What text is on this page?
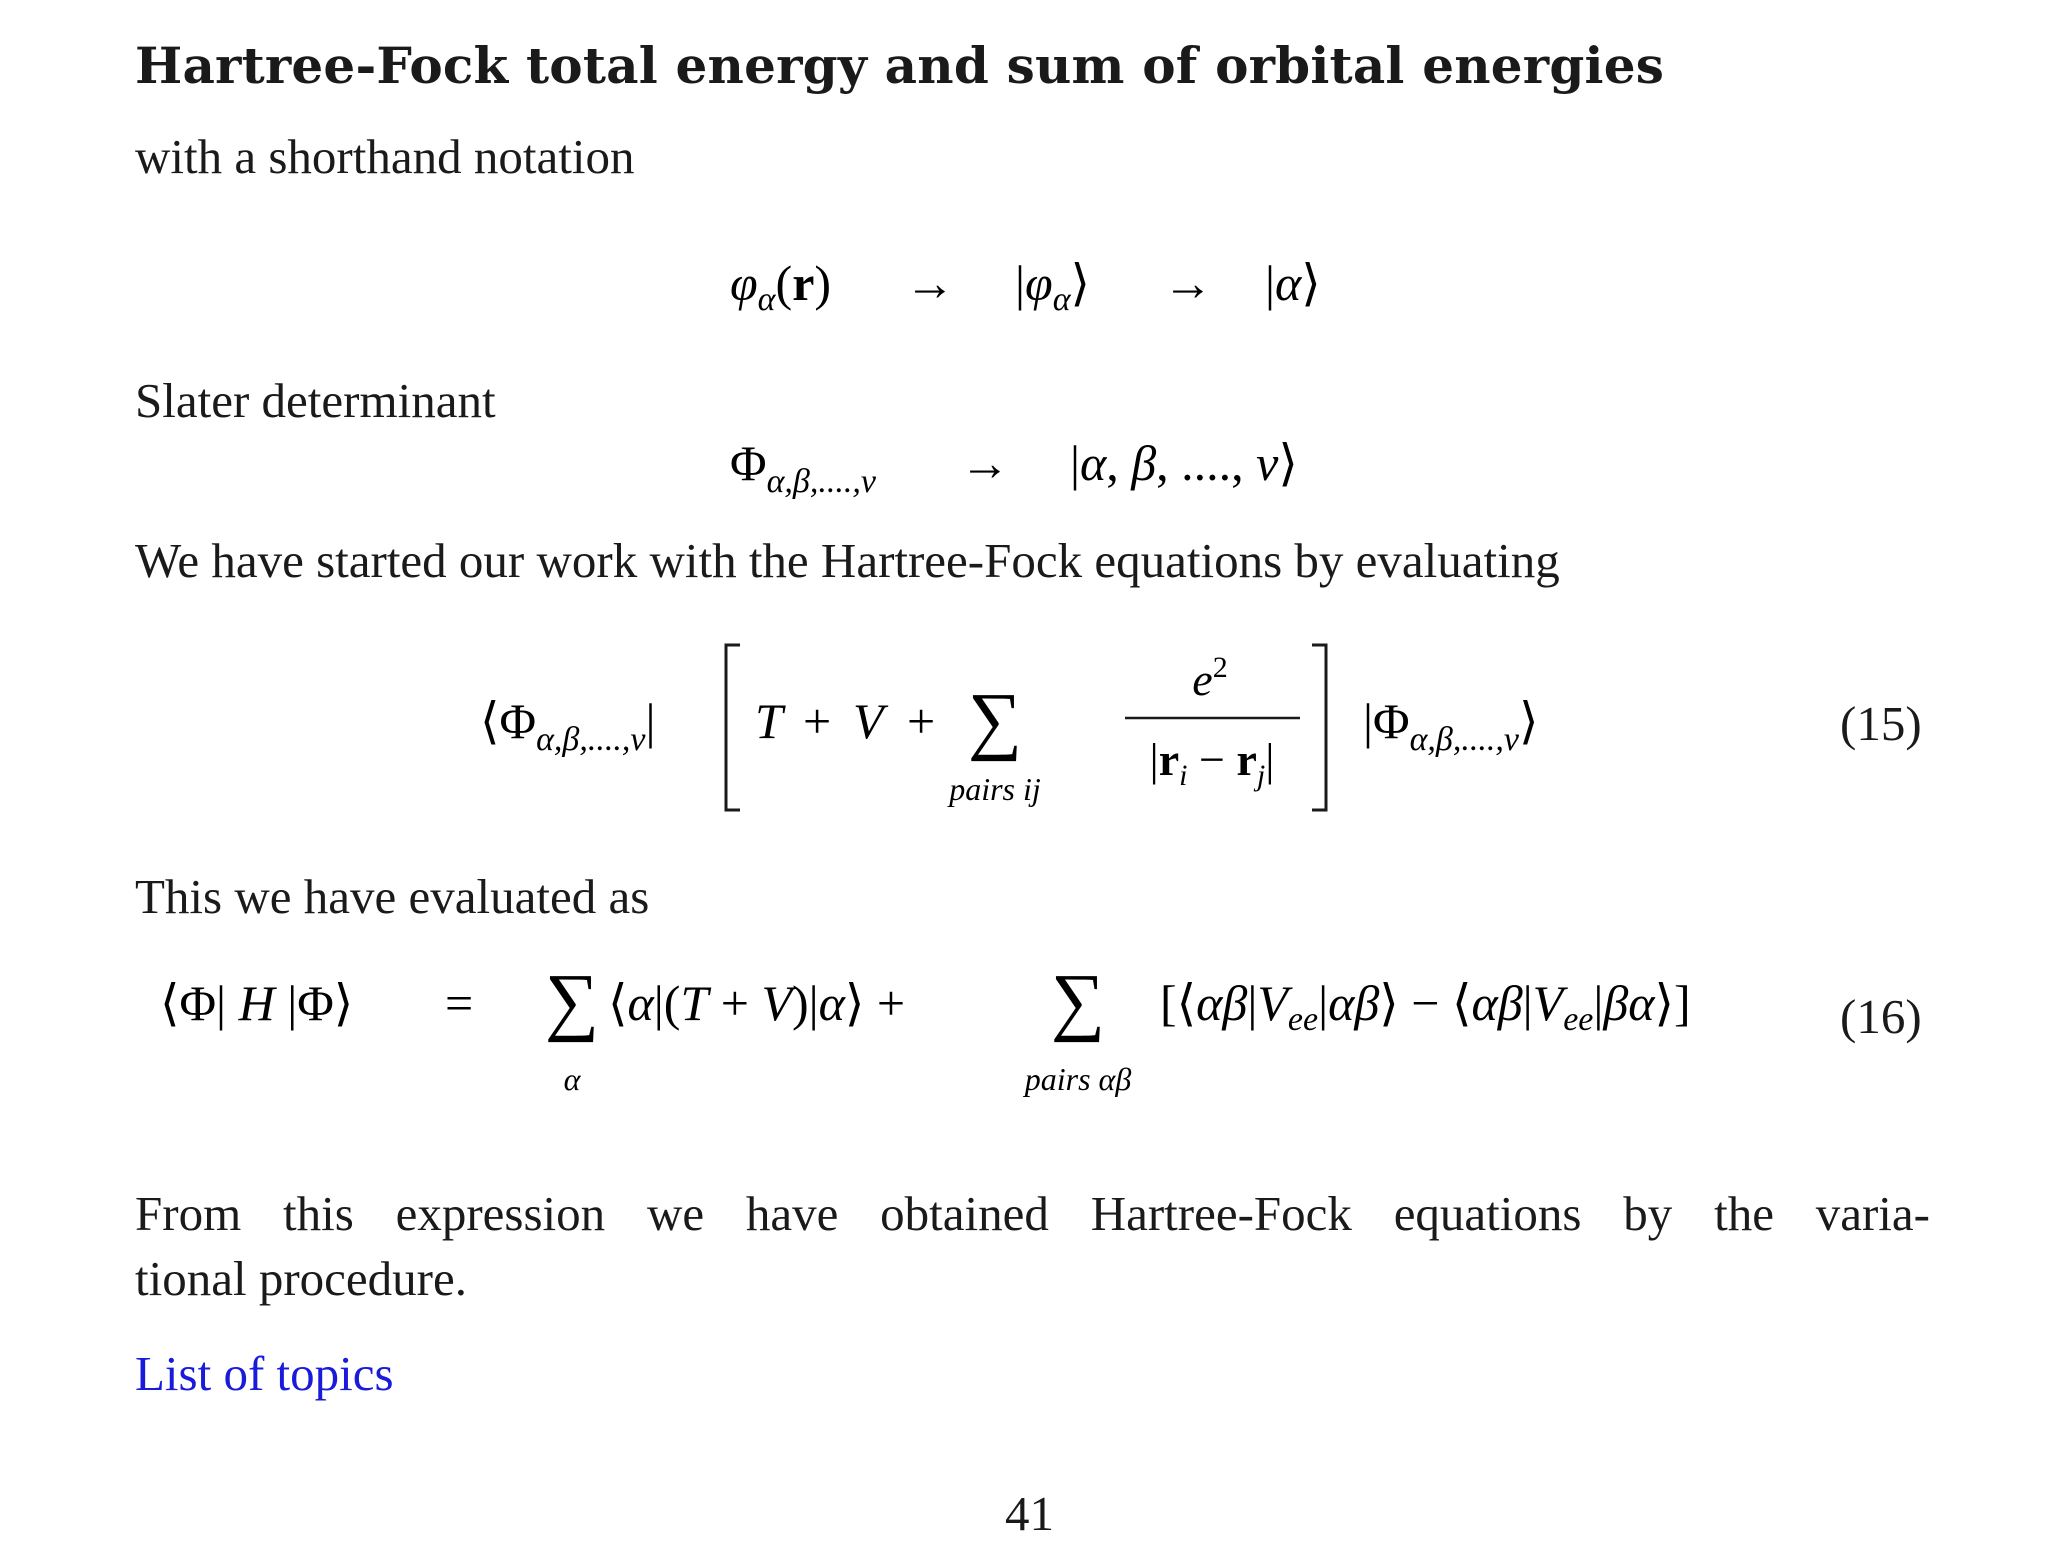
Hartree-Fock total energy and sum of orbital energies
with a shorthand notation
$\varphi_\alpha(r)$ → $|\varphi_\alpha⟩$ → |α⟩
Slater determinant
$\Phi_{\alpha,\beta,....,\nu} \to |\alpha$, β, ...., ν⟩
We have started our work with the Hartree-Fock equations by evaluating
$⟨\Phi_{\alpha,\beta,....,\nu}|$ T + V + ∑
pairs ij
$e^2$
$|r_i - r_j|$
$|\Phi_{\alpha,\beta,....,\nu}⟩$	(15)
This we have evaluated as
⟨Φ| H |Φ⟩ = ∑
α
⟨α|(T + V)|α⟩ + ∑
pairs αβ
[$⟨\alpha\beta|V_{ee}|\alpha\beta⟩$ − $⟨\alpha\beta|V_{ee}|\beta\alpha⟩$]	(16)
From this expression we have obtained Hartree-Fock equations by the varia-
tional procedure.
List of topics
41
